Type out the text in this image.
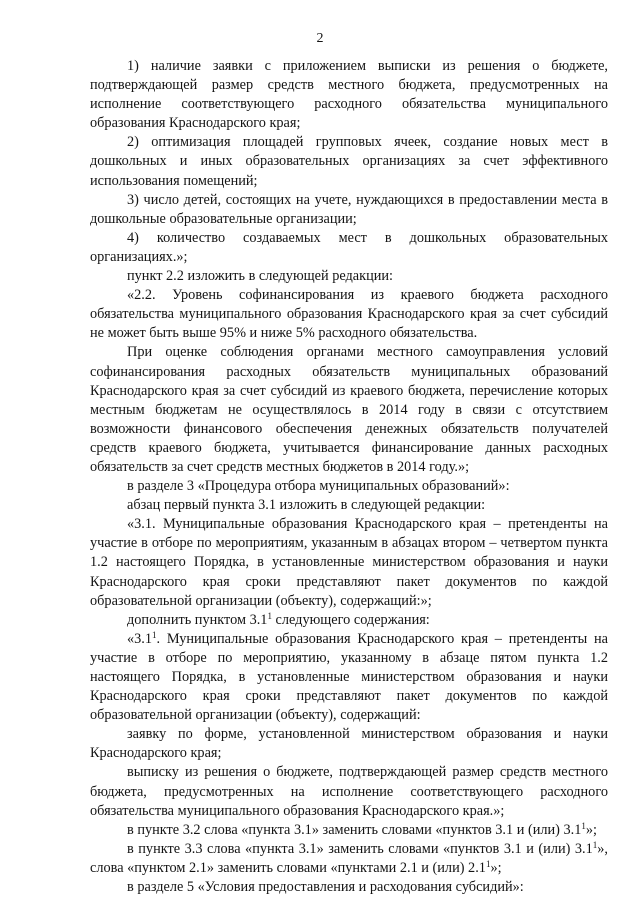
2

1) наличие заявки с приложением выписки из решения о бюджете, подтверждающей размер средств местного бюджета, предусмотренных на исполнение соответствующего расходного обязательства муниципального образования Краснодарского края;

2) оптимизация площадей групповых ячеек, создание новых мест в дошкольных и иных образовательных организациях за счет эффективного использования помещений;

3) число детей, состоящих на учете, нуждающихся в предоставлении места в дошкольные образовательные организации;

4) количество создаваемых мест в дошкольных образовательных организациях.»;

пункт 2.2 изложить в следующей редакции:

«2.2. Уровень софинансирования из краевого бюджета расходного обязательства муниципального образования Краснодарского края за счет субсидий не может быть выше 95% и ниже 5% расходного обязательства.

При оценке соблюдения органами местного самоуправления условий софинансирования расходных обязательств муниципальных образований Краснодарского края за счет субсидий из краевого бюджета, перечисление которых местным бюджетам не осуществлялось в 2014 году в связи с отсутствием возможности финансового обеспечения денежных обязательств получателей средств краевого бюджета, учитывается финансирование данных расходных обязательств за счет средств местных бюджетов в 2014 году.»;

в разделе 3 «Процедура отбора муниципальных образований»:

абзац первый пункта 3.1 изложить в следующей редакции:

«3.1. Муниципальные образования Краснодарского края – претенденты на участие в отборе по мероприятиям, указанным в абзацах втором – четвертом пункта 1.2 настоящего Порядка, в установленные министерством образования и науки Краснодарского края сроки представляют пакет документов по каждой образовательной организации (объекту), содержащий:»;

дополнить пунктом $3.1^1$ следующего содержания:

«$3.1^1$. Муниципальные образования Краснодарского края – претенденты на участие в отборе по мероприятию, указанному в абзаце пятом пункта 1.2 настоящего Порядка, в установленные министерством образования и науки Краснодарского края сроки представляют пакет документов по каждой образовательной организации (объекту), содержащий:

заявку по форме, установленной министерством образования и науки Краснодарского края;

выписку из решения о бюджете, подтверждающей размер средств местного бюджета, предусмотренных на исполнение соответствующего расходного обязательства муниципального образования Краснодарского края.»;

в пункте 3.2 слова «пункта 3.1» заменить словами «пунктов 3.1 и (или) $3.1^1$»;

в пункте 3.3 слова «пункта 3.1» заменить словами «пунктов 3.1 и (или) $3.1^1$», слова «пунктом 2.1» заменить словами «пунктами 2.1 и (или) $2.1^1$»;

в разделе 5 «Условия предоставления и расходования субсидий»:
